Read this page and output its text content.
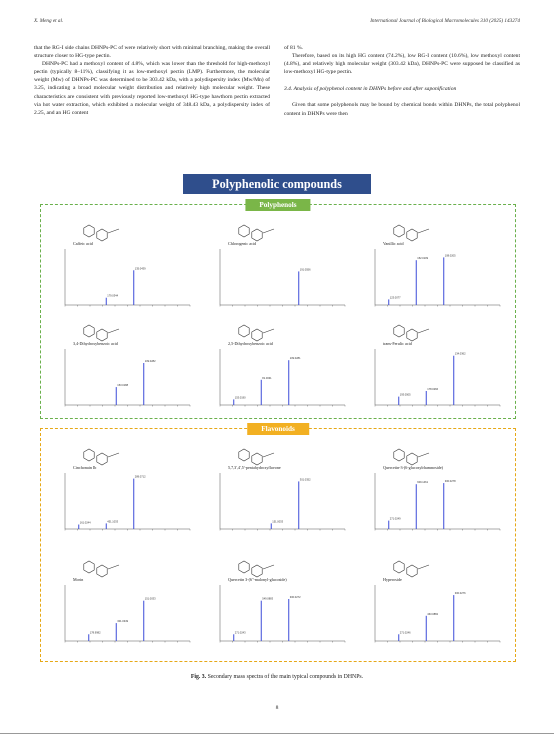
X. Meng et al.	International Journal of Biological Macromolecules 310 (2025) 143274

that the RG-I side chains DHNPs-PC of were relatively short with minimal branching, making the overall structure closer to HG-type pectin.

DHNPs-PC had a methoxyl content of 4.8%, which was lower than the threshold for high-methoxyl pectin (typically 8–11%), classifying it as low-methoxyl pectin (LMP). Furthermore, the molecular weight (Mw) of DHNPs-PC was determined to be 303.42 kDa, with a polydispersity index (Mw/Mn) of 3.25, indicating a broad molecular weight distribution and relatively high molecular weight. These characteristics are consistent with previously reported low-methoxyl HG-type hawthorn pectin extracted via hot water extraction, which exhibited a molecular weight of 348.43 kDa, a polydispersity index of 2.25, and an HG content

of 81 %.

Therefore, based on its high HG content (74.2%), low RG-I content (10.6%), low methoxyl content (4.8%), and relatively high molecular weight (303.42 kDa), DHNPs-PC were supposed be classified as low-methoxyl HG-type pectin.

3.4. Analysis of polyphenol content in DHNPs before and after saponification

Given that some polyphenols may be bound by chemical bonds within DHNPs, the total polyphenol content in DHNPs were then

Polyphenolic compounds
Polyphenols
135.0439
179.0344
Caffeic acid
191.0556
Chlorogenic acid
108.0205
152.0109
123.0077
Vanillic acid
109.0282
153.0188
3,4-Dihydroxybenzoic acid
109.0281
81.0331
153.0190
2,5-Dihydroxybenzoic acid
134.0362
178.0266
193.0505
trans-Ferulic acid
Flavonoids
289.0712
451.1033
161.0244
Cinchonain Ib
301.0352
151.0033
5,7,3',4',5'-pentahydroxyflavone
300.0278
609.1461
271.0249
Quercetin-3-(6-glucosylrhamnoside)
151.0033
301.0349
178.9982
Morin
300.0272
549.0883
271.0243
Quercetin 3-(6''-malonyl-glucoside)
300.0276
463.0882
271.0246
Hyperoside
Fig. 3. Secondary mass spectra of the main typical compounds in DHNPs.
8
